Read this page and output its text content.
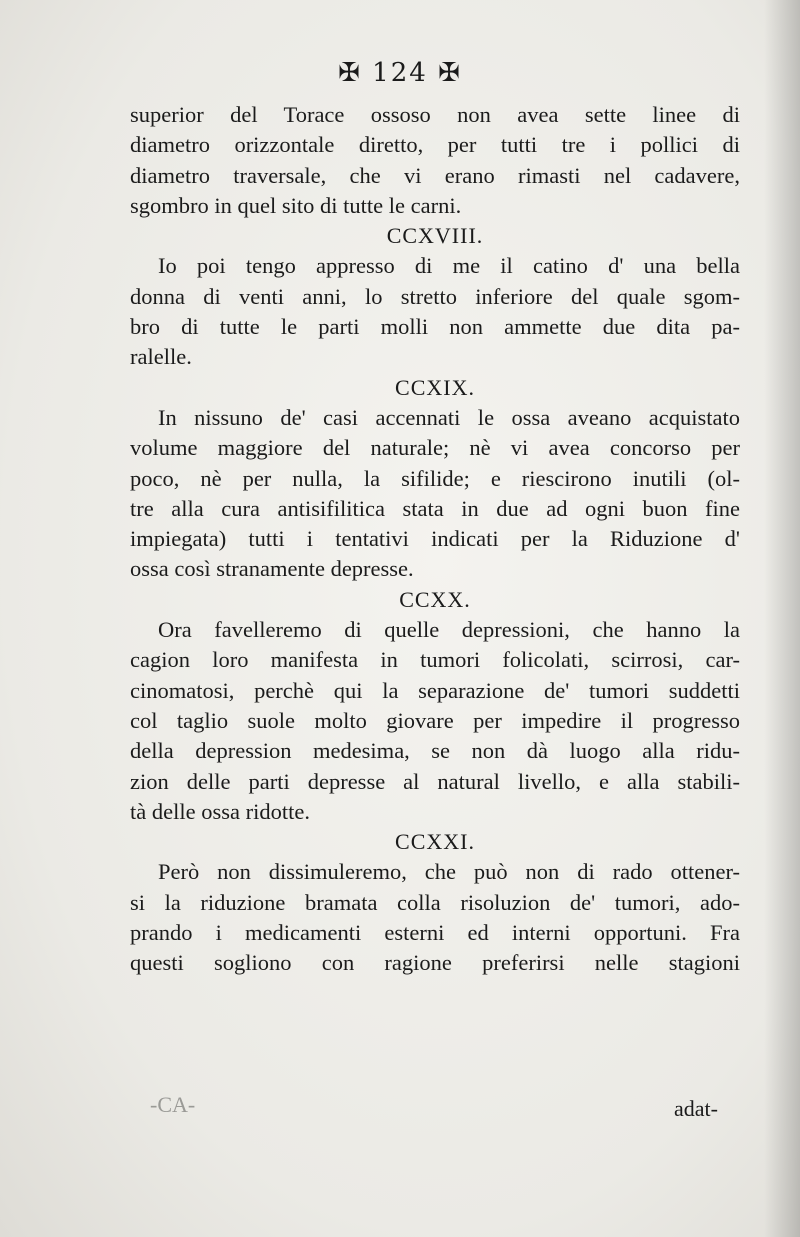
✠ 124 ✠
superior del Torace ossoso non avea sette linee di
diametro orizzontale diretto, per tutti tre i pollici di
diametro traversale, che vi erano rimasti nel cadavere,
sgombro in quel sito di tutte le carni.
CCXVIII.
Io poi tengo appresso di me il catino d' una bella
donna di venti anni, lo stretto inferiore del quale sgom-
bro di tutte le parti molli non ammette due dita pa-
ralelle.
CCXIX.
In nissuno de' casi accennati le ossa aveano acquistato
volume maggiore del naturale; nè vi avea concorso per
poco, nè per nulla, la sifilide; e riescirono inutili (ol-
tre alla cura antisifilitica stata in due ad ogni buon fine
impiegata) tutti i tentativi indicati per la Riduzione d'
ossa così stranamente depresse.
CCXX.
Ora favelleremo di quelle depressioni, che hanno la
cagion loro manifesta in tumori folicolati, scirrosi, car-
cinomatosi, perchè qui la separazione de' tumori suddetti
col taglio suole molto giovare per impedire il progresso
della depression medesima, se non dà luogo alla ridu-
zion delle parti depresse al natural livello, e alla stabili-
tà delle ossa ridotte.
CCXXI.
Però non dissimuleremo, che può non di rado ottener-
si la riduzione bramata colla risoluzion de' tumori, ado-
prando i medicamenti esterni ed interni opportuni. Fra
questi sogliono con ragione preferirsi nelle stagioni
-CA-	adat-
